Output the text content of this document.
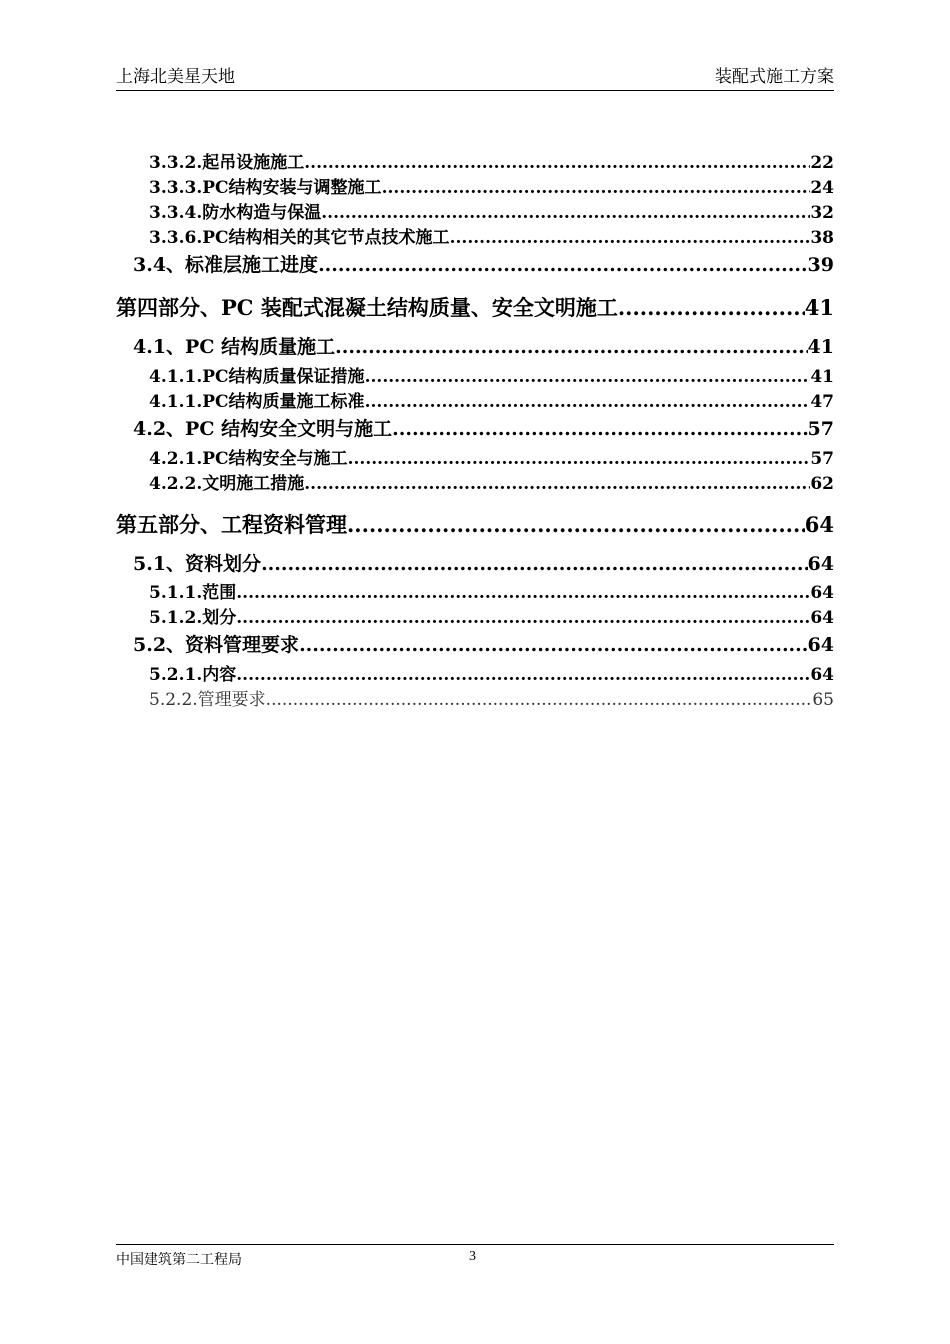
上海北美星天地	装配式施工方案
3.3.2.起吊设施施工 .....	22
3.3.3.PC结构安装与调整施工 .....	24
3.3.4.防水构造与保温 .....	32
3.3.6.PC结构相关的其它节点技术施工 .....	38
3.4、标准层施工进度 .....	39
第四部分、PC 装配式混凝土结构质量、安全文明施工 .....	41
4.1、PC 结构质量施工 .....	41
4.1.1.PC结构质量保证措施 .....	41
4.1.1.PC结构质量施工标准 .....	47
4.2、PC 结构安全文明与施工 .....	57
4.2.1.PC结构安全与施工 .....	57
4.2.2.文明施工措施 .....	62
第五部分、工程资料管理 .....	64
5.1、资料划分 .....	64
5.1.1.范围 .....	64
5.1.2.划分 .....	64
5.2、资料管理要求 .....	64
5.2.1.内容 .....	64
5.2.2.管理要求 .....	65
中国建筑第二工程局	3
